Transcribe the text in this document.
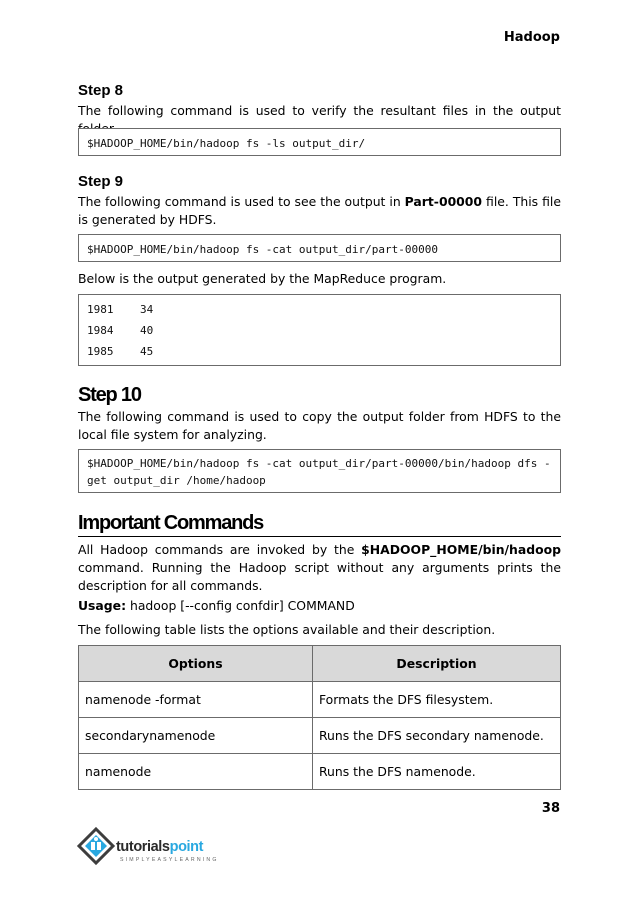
Hadoop
Step 8
The following command is used to verify the resultant files in the output
$HADOOP_HOME/bin/hadoop fs -ls output_dir/
Step 9
The following command is used to see the output in Part-00000 file. This file is generated by HDFS.
$HADOOP_HOME/bin/hadoop fs -cat output_dir/part-00000
Below is the output generated by the MapReduce program.
1981    34
1984    40
1985    45
Step 10
The following command is used to copy the output folder from HDFS to the local file system for analyzing.
$HADOOP_HOME/bin/hadoop fs -cat output_dir/part-00000/bin/hadoop dfs -
get output_dir /home/hadoop
Important Commands
All Hadoop commands are invoked by the $HADOOP_HOME/bin/hadoop command. Running the Hadoop script without any arguments prints the description for all commands.
Usage: hadoop [--config confdir] COMMAND
The following table lists the options available and their description.
Options	Description
namenode -format	Formats the DFS filesystem.
secondarynamenode	Runs the DFS secondary namenode.
namenode	Runs the DFS namenode.
38
tutorialspoint
SIMPLYEASYLEARNING
